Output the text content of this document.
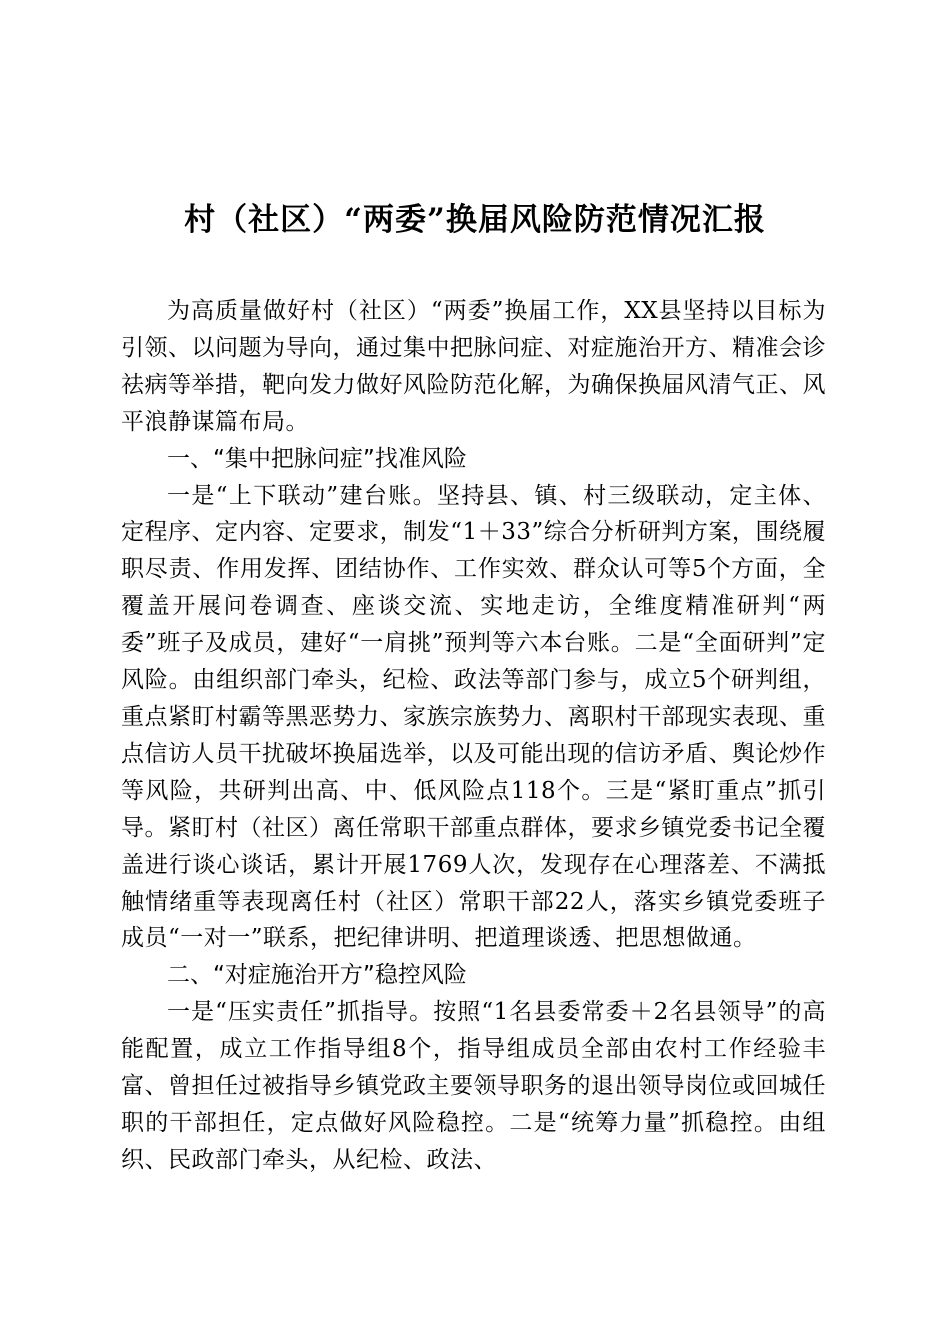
村（社区）“两委”换届风险防范情况汇报

为高质量做好村（社区）“两委”换届工作，XX县坚持以目标为引领、以问题为导向，通过集中把脉问症、对症施治开方、精准会诊祛病等举措，靶向发力做好风险防范化解，为确保换届风清气正、风平浪静谋篇布局。

一、“集中把脉问症”找准风险

一是“上下联动”建台账。坚持县、镇、村三级联动，定主体、定程序、定内容、定要求，制发“1＋33”综合分析研判方案，围绕履职尽责、作用发挥、团结协作、工作实效、群众认可等5个方面，全覆盖开展问卷调查、座谈交流、实地走访，全维度精准研判“两委”班子及成员，建好“一肩挑”预判等六本台账。二是“全面研判”定风险。由组织部门牵头，纪检、政法等部门参与，成立5个研判组，重点紧盯村霸等黑恶势力、家族宗族势力、离职村干部现实表现、重点信访人员干扰破坏换届选举，以及可能出现的信访矛盾、舆论炒作等风险，共研判出高、中、低风险点118个。三是“紧盯重点”抓引导。紧盯村（社区）离任常职干部重点群体，要求乡镇党委书记全覆盖进行谈心谈话，累计开展1769人次，发现存在心理落差、不满抵触情绪重等表现离任村（社区）常职干部22人，落实乡镇党委班子成员“一对一”联系，把纪律讲明、把道理谈透、把思想做通。

二、“对症施治开方”稳控风险

一是“压实责任”抓指导。按照“1名县委常委＋2名县领导”的高能配置，成立工作指导组8个，指导组成员全部由农村工作经验丰富、曾担任过被指导乡镇党政主要领导职务的退出领导岗位或回城任职的干部担任，定点做好风险稳控。二是“统筹力量”抓稳控。由组织、民政部门牵头，从纪检、政法、
